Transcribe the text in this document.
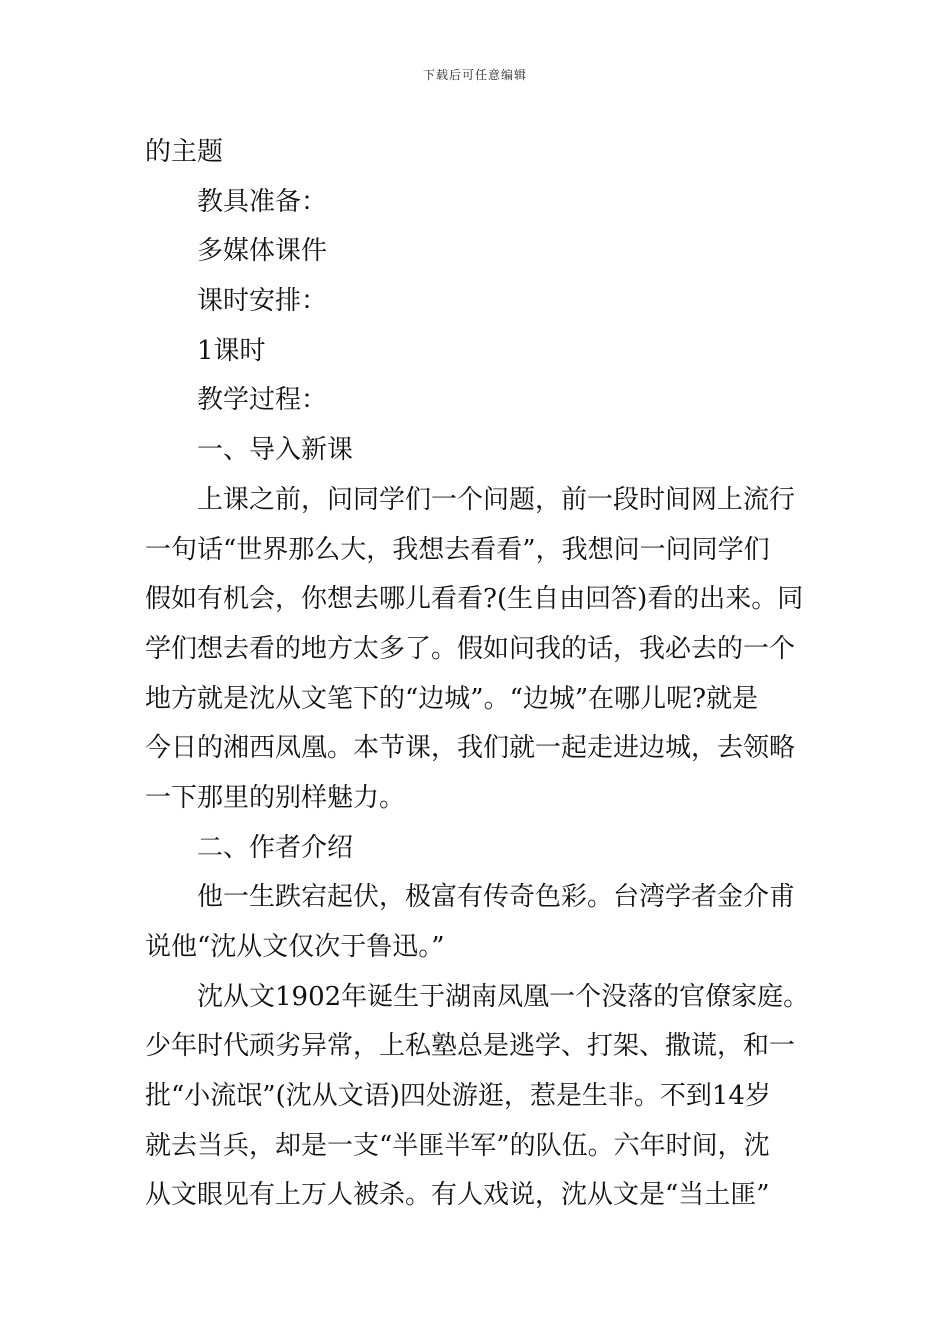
下载后可任意编辑
的主题
教具准备：
多媒体课件
课时安排：
1课时
教学过程：
一、导入新课
上课之前，问同学们一个问题，前一段时间网上流行
一句话“世界那么大，我想去看看”，我想问一问同学们
假如有机会，你想去哪儿看看?(生自由回答)看的出来。同
学们想去看的地方太多了。假如问我的话，我必去的一个
地方就是沈从文笔下的“边城”。“边城”在哪儿呢?就是
今日的湘西凤凰。本节课，我们就一起走进边城，去领略
一下那里的别样魅力。
二、作者介绍
他一生跌宕起伏，极富有传奇色彩。台湾学者金介甫
说他“沈从文仅次于鲁迅。”
沈从文1902年诞生于湖南凤凰一个没落的官僚家庭。
少年时代顽劣异常，上私塾总是逃学、打架、撒谎，和一
批“小流氓”(沈从文语)四处游逛，惹是生非。不到14岁
就去当兵，却是一支“半匪半军”的队伍。六年时间，沈
从文眼见有上万人被杀。有人戏说，沈从文是“当土匪”
